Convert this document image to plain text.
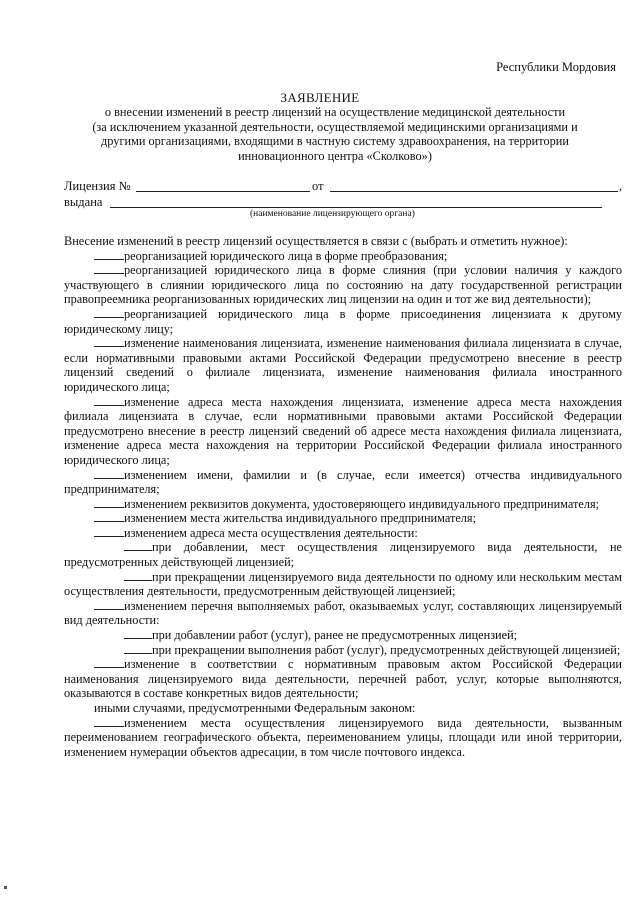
Республики Мордовия
ЗАЯВЛЕНИЕ
о внесении изменений в реестр лицензий на осуществление медицинской деятельности
(за исключением указанной деятельности, осуществляемой медицинскими организациями и
другими организациями, входящими в частную систему здравоохранения, на территории
инновационного центра «Сколково»)
Лицензия №	от	,
выдана
(наименование лицензирующего органа)

Внесение изменений в реестр лицензий осуществляется в связи с (выбрать и отметить нужное):

реорганизацией юридического лица в форме преобразования;

реорганизацией юридического лица в форме слияния (при условии наличия у каждого участвующего в слиянии юридического лица по состоянию на дату государственной регистрации правопреемника реорганизованных юридических лиц лицензии на один и тот же вид деятельности);

реорганизацией юридического лица в форме присоединения лицензиата к другому юридическому лицу;

изменение наименования лицензиата, изменение наименования филиала лицензиата в случае, если нормативными правовыми актами Российской Федерации предусмотрено внесение в реестр лицензий сведений о филиале лицензиата, изменение наименования филиала иностранного юридического лица;

изменение адреса места нахождения лицензиата, изменение адреса места нахождения филиала лицензиата в случае, если нормативными правовыми актами Российской Федерации предусмотрено внесение в реестр лицензий сведений об адресе места нахождения филиала лицензиата, изменение адреса места нахождения на территории Российской Федерации филиала иностранного юридического лица;

изменением имени, фамилии и (в случае, если имеется) отчества индивидуального предпринимателя;

изменением реквизитов документа, удостоверяющего индивидуального предпринимателя;

изменением места жительства индивидуального предпринимателя;

изменением адреса места осуществления деятельности:

при добавлении, мест осуществления лицензируемого вида деятельности, не предусмотренных действующей лицензией;

при прекращении лицензируемого вида деятельности по одному или нескольким местам осуществления деятельности, предусмотренным действующей лицензией;

изменением перечня выполняемых работ, оказываемых услуг, составляющих лицензируемый вид деятельности:

при добавлении работ (услуг), ранее не предусмотренных лицензией;

при прекращении выполнения работ (услуг), предусмотренных действующей лицензией;

изменение в соответствии с нормативным правовым актом Российской Федерации наименования лицензируемого вида деятельности, перечней работ, услуг, которые выполняются, оказываются в составе конкретных видов деятельности;

иными случаями, предусмотренными Федеральным законом:

изменением места осуществления лицензируемого вида деятельности, вызванным переименованием географического объекта, переименованием улицы, площади или иной территории, изменением нумерации объектов адресации, в том числе почтового индекса.
